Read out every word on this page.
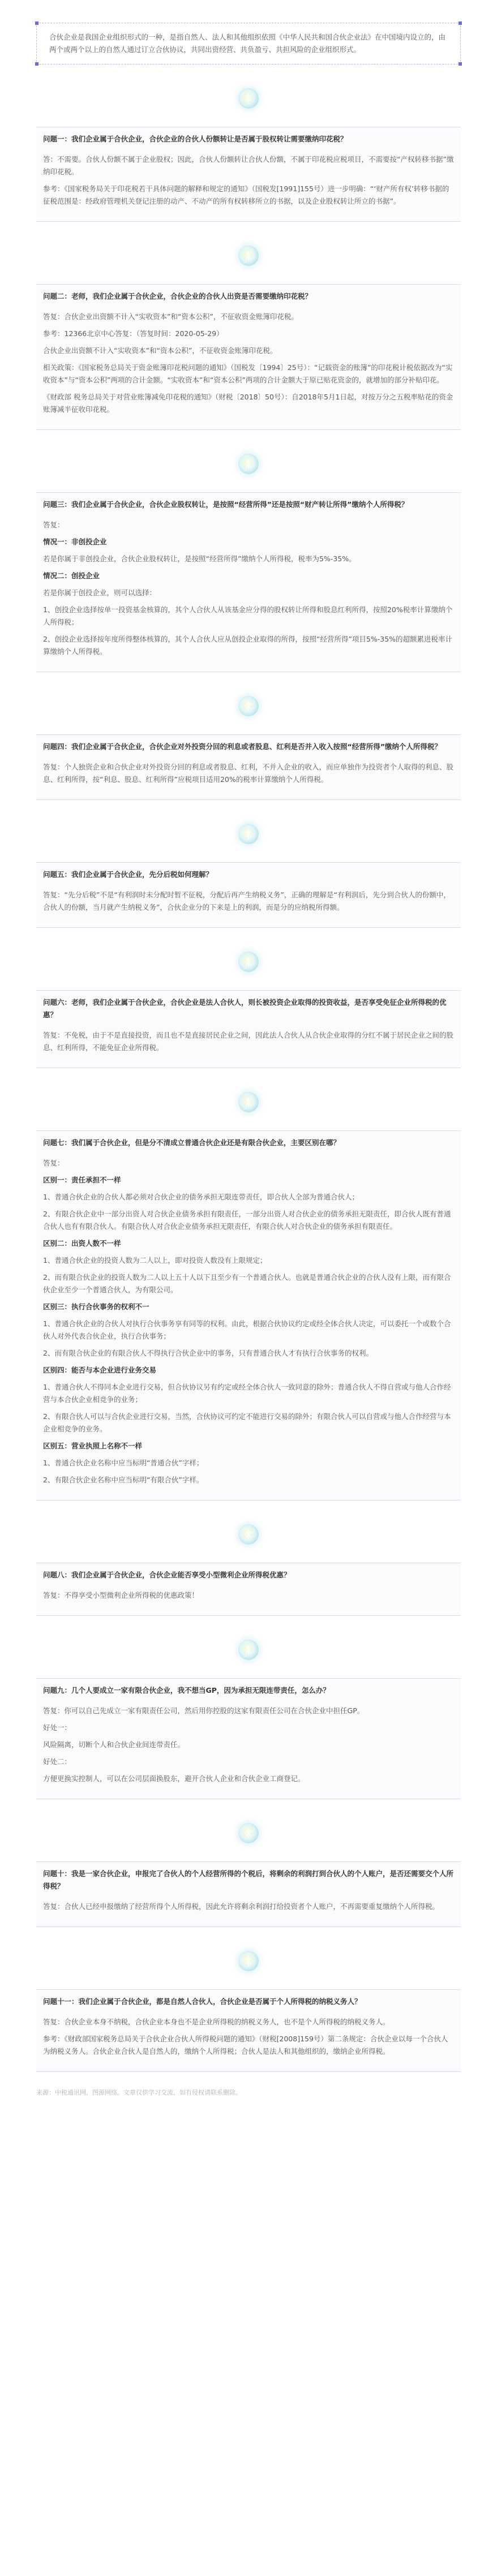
合伙企业是我国企业组织形式的一种，是指自然人、法人和其他组织依照《中华人民共和国合伙企业法》在中国境内设立的，由两个或两个以上的自然人通过订立合伙协议，共同出资经营、共负盈亏、共担风险的企业组织形式。

问题一：我们企业属于合伙企业，合伙企业的合伙人份额转让是否属于股权转让需要缴纳印花税？

答：不需要。合伙人份额不属于企业股权；因此，合伙人份额转让合伙人份额，不属于印花税应税项目，不需要按“产权转移书据”缴纳印花税。

参考：《国家税务局关于印花税若干具体问题的解释和规定的通知》（国税发[1991]155号）进一步明确：“‘财产所有权’转移书据的征税范围是：经政府管理机关登记注册的动产、不动产的所有权转移所立的书据，以及企业股权转让所立的书据”。

问题二：老师，我们企业属于合伙企业，合伙企业的合伙人出资是否需要缴纳印花税？

答复：合伙企业出资额不计入“实收资本”和“资本公积”，不征收资金账簿印花税。

参考：12366北京中心答复：（答复时间：2020-05-29）

合伙企业出资额不计入“实收资本”和“资本公积”，不征收资金账簿印花税。

相关政策：《国家税务总局关于资金账簿印花税问题的通知》（国税发〔1994〕25号）：“记载资金的账簿”的印花税计税依据改为“实收资本”与“资本公积”两项的合计金额。“实收资本”和“资本公积”两项的合计金额大于原已贴花资金的，就增加的部分补贴印花。

《财政部 税务总局关于对营业账簿减免印花税的通知》（财税〔2018〕50号）：自2018年5月1日起，对按万分之五税率贴花的资金账簿减半征收印花税。

问题三：我们企业属于合伙企业，合伙企业股权转让，是按照“经营所得”还是按照“财产转让所得”缴纳个人所得税？

答复：

情况一：非创投企业

若是你属于非创投企业，合伙企业股权转让，是按照“经营所得”缴纳个人所得税，税率为5%-35%。

情况二：创投企业

若是你属于创投企业，则可以选择：

1、创投企业选择按单一投资基金核算的，其个人合伙人从该基金应分得的股权转让所得和股息红利所得，按照20%税率计算缴纳个人所得税；

2、创投企业选择按年度所得整体核算的，其个人合伙人应从创投企业取得的所得，按照“经营所得”项目5%-35%的超额累进税率计算缴纳个人所得税。

问题四：我们企业属于合伙企业，合伙企业对外投资分回的利息或者股息、红利是否并入收入按照“经营所得”缴纳个人所得税？

答复：个人独资企业和合伙企业对外投资分回的利息或者股息、红利，不并入企业的收入，而应单独作为投资者个人取得的利息、股息、红利所得，按“利息、股息、红利所得”应税项目适用20%的税率计算缴纳个人所得税。

问题五：我们企业属于合伙企业，先分后税如何理解？

答复：“先分后税”不是“有利润时未分配时暂不征税，分配后再产生纳税义务”，正确的理解是“有利润后，先分到合伙人的份额中，合伙人的份额，当月就产生纳税义务”，合伙企业分的下来是上的利润，而是分的应纳税所得额。

问题六：老师，我们企业属于合伙企业，合伙企业是法人合伙人，则长被投资企业取得的投资收益，是否享受免征企业所得税的优惠？

答复：不免税，由于不是直接投资，而且也不是直接居民企业之间，因此法人合伙人从合伙企业取得的分红不属于居民企业之间的股息、红利所得，不能免征企业所得税。

问题七：我们属于合伙企业，但是分不清成立普通合伙企业还是有限合伙企业，主要区别在哪？

答复：

区别一：责任承担不一样

1、普通合伙企业的合伙人都必须对合伙企业的债务承担无限连带责任，即合伙人全部为普通合伙人；

2、有限合伙企业中一部分出资人对合伙企业债务承担有限责任，一部分出资人对合伙企业的债务承担无限责任，即合伙人既有普通合伙人也有有限合伙人。有限合伙人对合伙企业债务承担无限责任，有限合伙人对合伙企业的债务承担有限责任。

区别二：出资人数不一样

1、普通合伙企业的投资人数为二人以上，即对投资人数没有上限规定；

2、而有限合伙企业的投资人数为二人以上五十人以下且至少有一个普通合伙人。也就是普通合伙企业的合伙人没有上限，而有限合伙企业至少一个普通合伙人，为有限公司。

区别三：执行合伙事务的权利不一

1、普通合伙企业的合伙人对执行合伙事务享有同等的权利。由此，根据合伙协议约定或经全体合伙人决定，可以委托一个或数个合伙人对外代表合伙企业，执行合伙事务；

2、而有限合伙企业的有限合伙人不得执行合伙企业中的事务，只有普通合伙人才有执行合伙事务的权利。

区别四：能否与本企业进行业务交易

1、普通合伙人不得同本企业进行交易，但合伙协议另有约定或经全体合伙人一致同意的除外；普通合伙人不得自营或与他人合作经营与本合伙企业相竞争的业务；

2、有限合伙人可以与合伙企业进行交易，当然，合伙协议可约定不能进行交易的除外；有限合伙人可以自营或与他人合作经营与本企业相竞争的业务。

区别五：营业执照上名称不一样

1、普通合伙企业名称中应当标明“普通合伙”字样；

2、有限合伙企业名称中应当标明“有限合伙”字样。

问题八：我们企业属于合伙企业，合伙企业能否享受小型微利企业所得税优惠？

答复：不得享受小型微利企业所得税的优惠政策！

问题九：几个人要成立一家有限合伙企业，我不想当GP，因为承担无限连带责任，怎么办？

答复：你可以自己先成立一家有限责任公司，然后用你控股的这家有限责任公司在合伙企业中担任GP。

好处一：

风险隔离，切断个人和合伙企业间连带责任。

好处二：

方便更换实控制人，可以在公司层面换股东，避开合伙人企业和合伙企业工商登记。

问题十：我是一家合伙企业，申报完了合伙人的个人经营所得的个税后，将剩余的利润打到合伙人的个人账户，是否还需要交个人所得税？

答复：合伙人已经申报缴纳了经营所得个人所得税，因此允许将剩余利润打给投资者个人账户，不再需要重复缴纳个人所得税。

问题十一：我们企业属于合伙企业，都是自然人合伙人，合伙企业是否属于个人所得税的纳税义务人？

答复：合伙企业本身不纳税，合伙企业本身也不是企业所得税的纳税义务人，也不是个人所得税的纳税义务人。

参考：《财政部国家税务总局关于合伙企业合伙人所得税问题的通知》（财税[2008]159号）第二条规定：合伙企业以每一个合伙人为纳税义务人。合伙企业合伙人是自然人的，缴纳个人所得税；合伙人是法人和其他组织的，缴纳企业所得税。

来源：中税通讯网，图源网络。文章仅供学习交流，如有侵权请联系删除。
